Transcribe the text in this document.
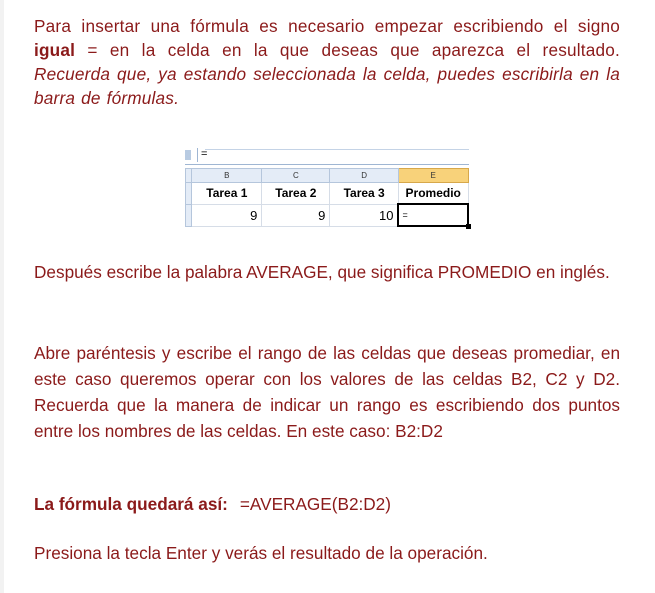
Para insertar una fórmula es necesario empezar escribiendo el signo igual = en la celda en la que deseas que aparezca el resultado. Recuerda que, ya estando seleccionada la celda, puedes escribirla en la barra de fórmulas.

=
	B	C	D	E
	Tarea 1	Tarea 2	Tarea 3	Promedio
	9	9	10	=

Después escribe la palabra AVERAGE, que significa PROMEDIO en inglés.

Abre paréntesis y escribe el rango de las celdas que deseas promediar, en este caso queremos operar con los valores de las celdas B2, C2 y D2. Recuerda que la manera de indicar un rango es escribiendo dos puntos entre los nombres de las celdas. En este caso: B2:D2

La fórmula quedará así: =AVERAGE(B2:D2)

Presiona la tecla Enter y verás el resultado de la operación.
